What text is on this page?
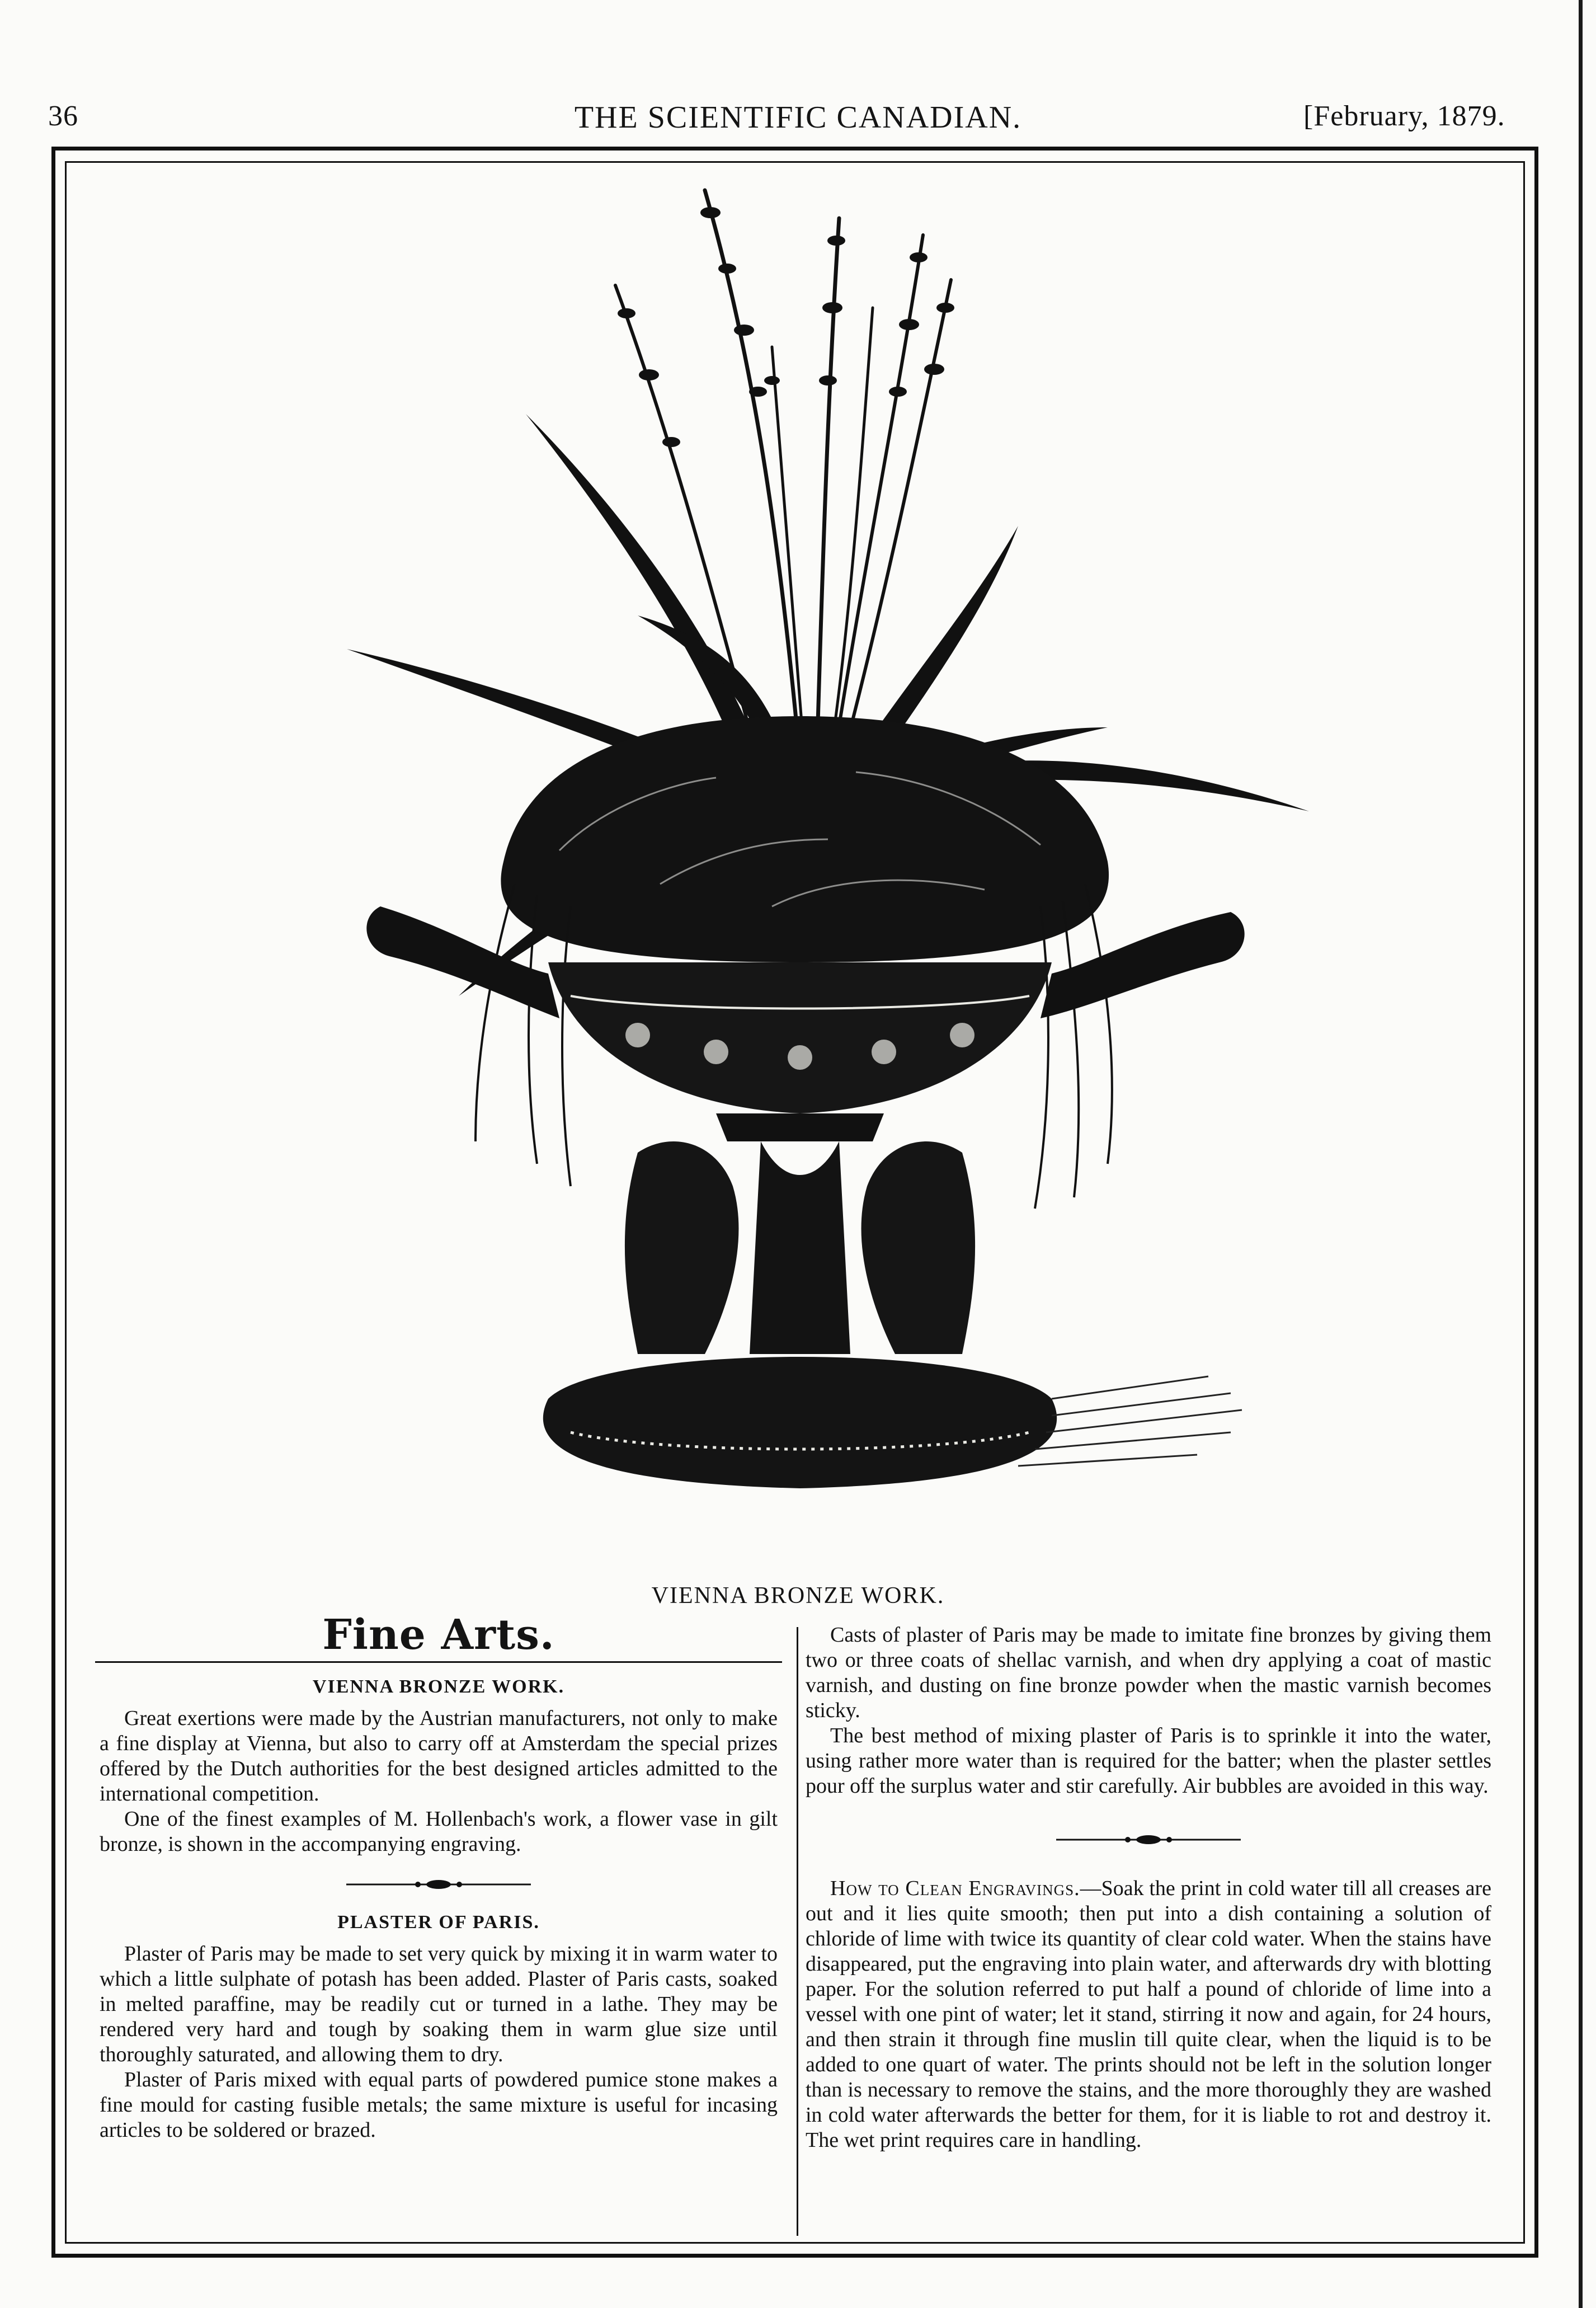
36	THE SCIENTIFIC CANADIAN.	[February, 1879.
VIENNA BRONZE WORK.
Fine Arts.
VIENNA BRONZE WORK.

Great exertions were made by the Austrian manufacturers, not only to make a fine display at Vienna, but also to carry off at Amsterdam the special prizes offered by the Dutch authorities for the best designed articles admitted to the international competition.

One of the finest examples of M. Hollenbach's work, a flower vase in gilt bronze, is shown in the accompanying engraving.

PLASTER OF PARIS.

Plaster of Paris may be made to set very quick by mixing it in warm water to which a little sulphate of potash has been added. Plaster of Paris casts, soaked in melted paraffine, may be readily cut or turned in a lathe. They may be rendered very hard and tough by soaking them in warm glue size until thoroughly saturated, and allowing them to dry.

Plaster of Paris mixed with equal parts of powdered pumice stone makes a fine mould for casting fusible metals; the same mixture is useful for incasing articles to be soldered or brazed.

Casts of plaster of Paris may be made to imitate fine bronzes by giving them two or three coats of shellac varnish, and when dry applying a coat of mastic varnish, and dusting on fine bronze powder when the mastic varnish becomes sticky.

The best method of mixing plaster of Paris is to sprinkle it into the water, using rather more water than is required for the batter; when the plaster settles pour off the surplus water and stir carefully. Air bubbles are avoided in this way.

How to Clean Engravings.—Soak the print in cold water till all creases are out and it lies quite smooth; then put into a dish containing a solution of chloride of lime with twice its quantity of clear cold water. When the stains have disappeared, put the engraving into plain water, and afterwards dry with blotting paper. For the solution referred to put half a pound of chloride of lime into a vessel with one pint of water; let it stand, stirring it now and again, for 24 hours, and then strain it through fine muslin till quite clear, when the liquid is to be added to one quart of water. The prints should not be left in the solution longer than is necessary to remove the stains, and the more thoroughly they are washed in cold water afterwards the better for them, for it is liable to rot and destroy it. The wet print requires care in handling.
